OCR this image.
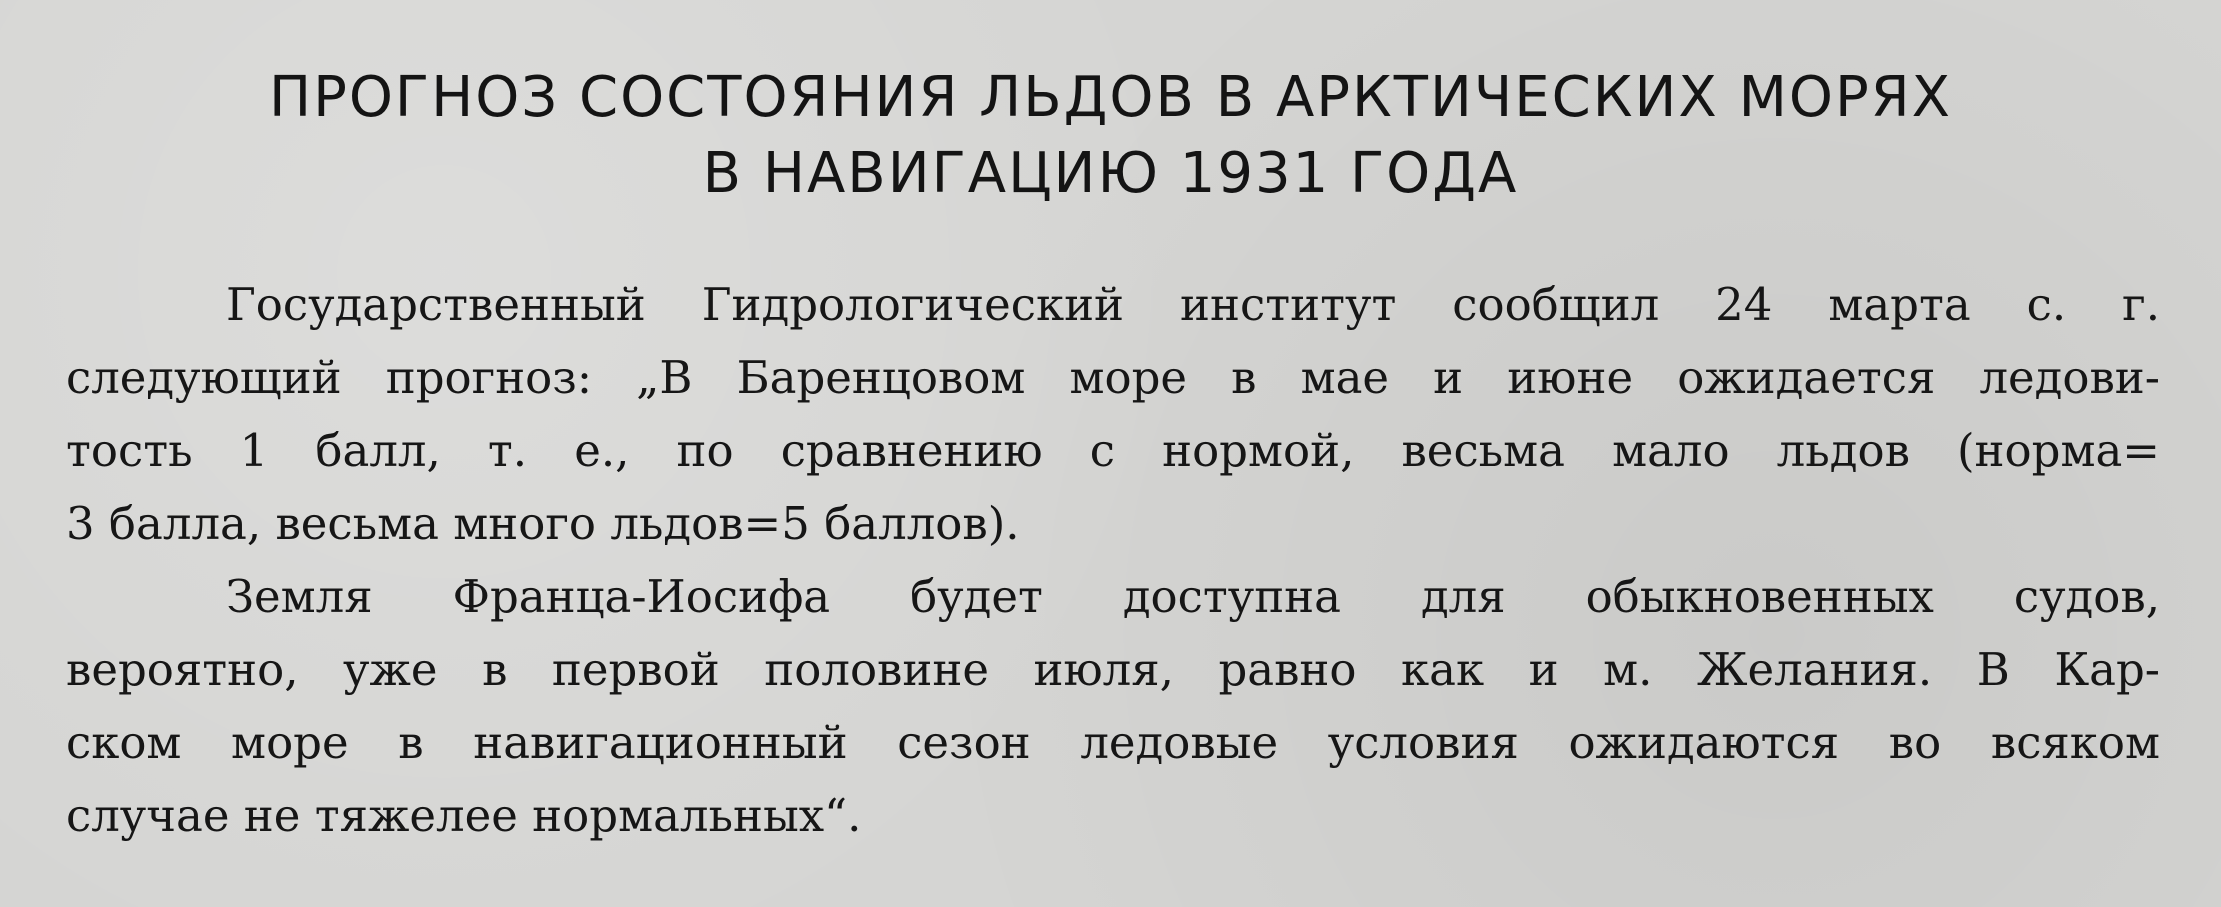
ПРОГНОЗ СОСТОЯНИЯ ЛЬДОВ В АРКТИЧЕСКИХ МОРЯХ
В НАВИГАЦИЮ 1931 ГОДА
Государственный Гидрологический институт сообщил 24 марта с. г.
следующий прогноз: „В Баренцовом море в мае и июне ожидается ледови-
тость 1 балл, т. е., по сравнению с нормой, весьма мало льдов (норма=
3 балла, весьма много льдов=5 баллов).
Земля Франца-Иосифа будет доступна для обыкновенных судов,
вероятно, уже в первой половине июля, равно как и м. Желания. В Кар-
ском море в навигационный сезон ледовые условия ожидаются во всяком
случае не тяжелее нормальных“.
